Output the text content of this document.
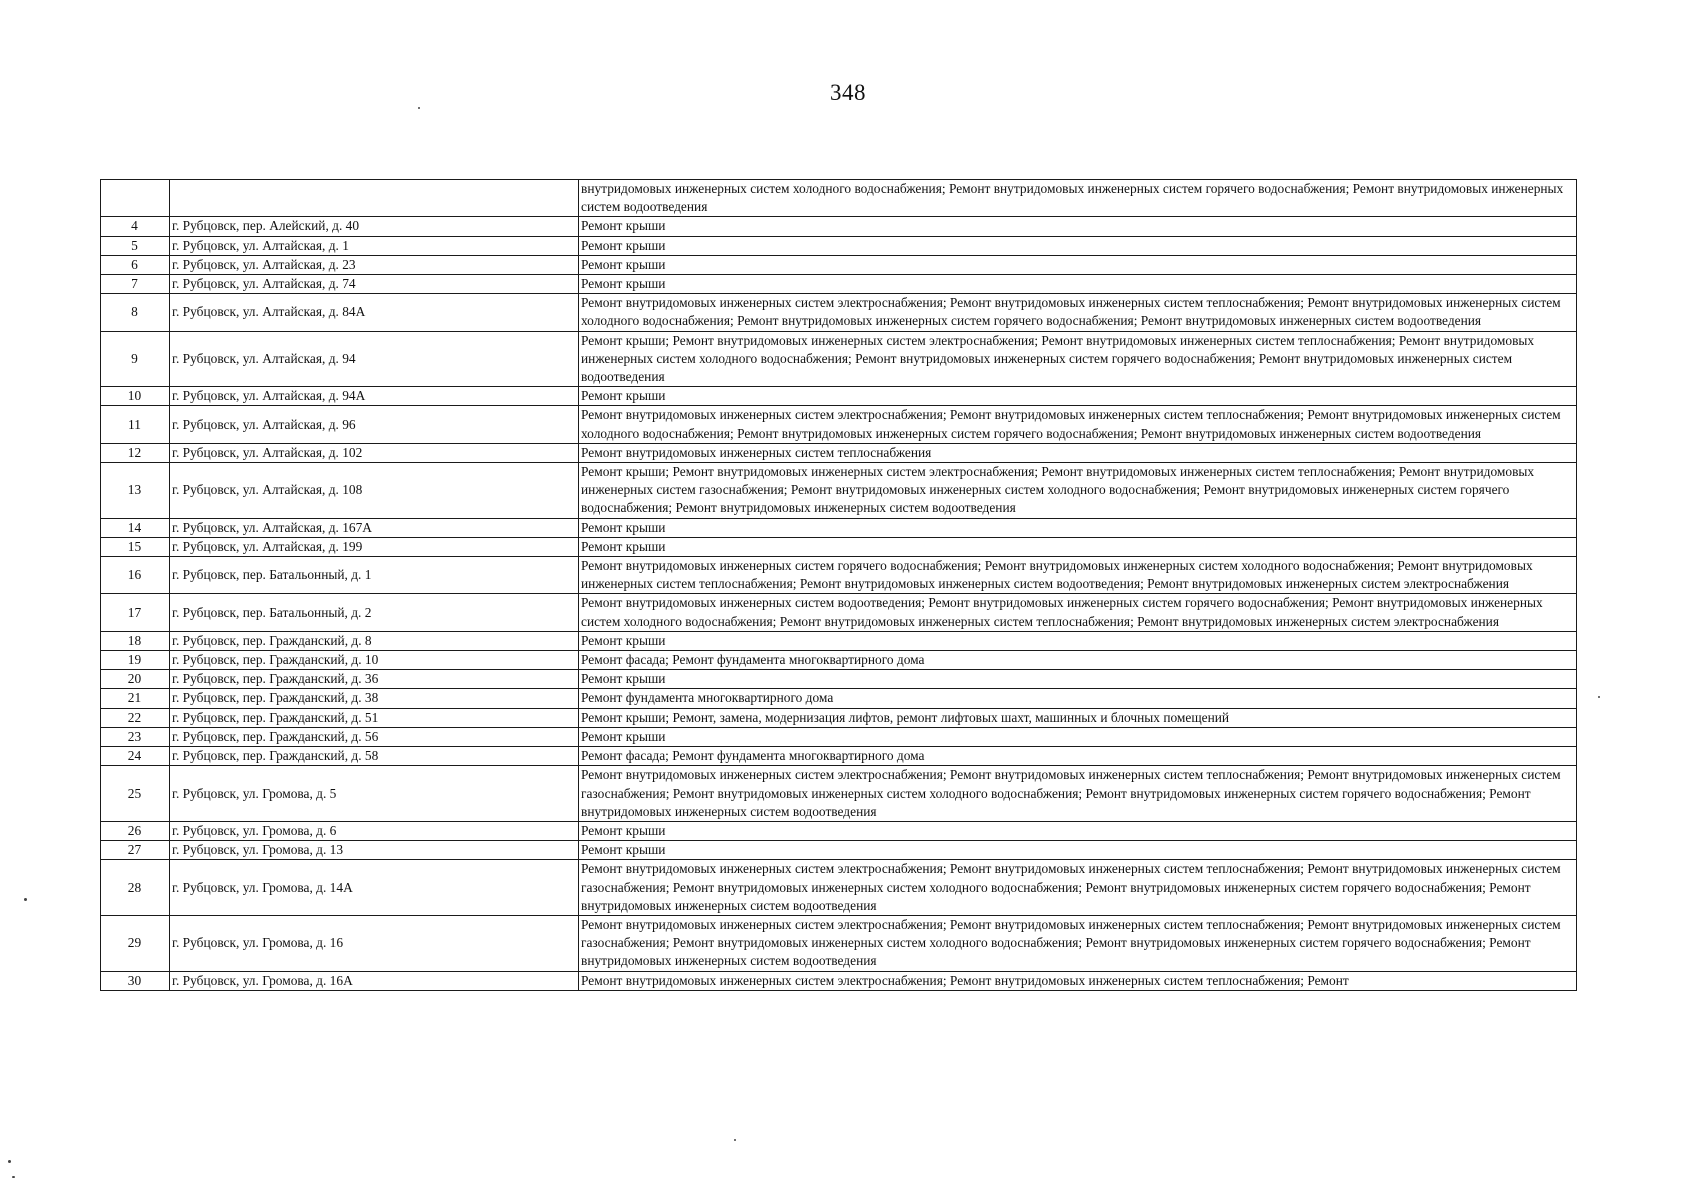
348
		внутридомовых инженерных систем холодного водоснабжения; Ремонт внутридомовых инженерных систем горячего водоснабжения; Ремонт внутридомовых инженерных систем водоотведения
4	г. Рубцовск, пер. Алейский, д. 40	Ремонт крыши
5	г. Рубцовск, ул. Алтайская, д. 1	Ремонт крыши
6	г. Рубцовск, ул. Алтайская, д. 23	Ремонт крыши
7	г. Рубцовск, ул. Алтайская, д. 74	Ремонт крыши
8	г. Рубцовск, ул. Алтайская, д. 84А	Ремонт внутридомовых инженерных систем электроснабжения; Ремонт внутридомовых инженерных систем теплоснабжения; Ремонт внутридомовых инженерных систем холодного водоснабжения; Ремонт внутридомовых инженерных систем горячего водоснабжения; Ремонт внутридомовых инженерных систем водоотведения
9	г. Рубцовск, ул. Алтайская, д. 94	Ремонт крыши; Ремонт внутридомовых инженерных систем электроснабжения; Ремонт внутридомовых инженерных систем теплоснабжения; Ремонт внутридомовых инженерных систем холодного водоснабжения; Ремонт внутридомовых инженерных систем горячего водоснабжения; Ремонт внутридомовых инженерных систем водоотведения
10	г. Рубцовск, ул. Алтайская, д. 94А	Ремонт крыши
11	г. Рубцовск, ул. Алтайская, д. 96	Ремонт внутридомовых инженерных систем электроснабжения; Ремонт внутридомовых инженерных систем теплоснабжения; Ремонт внутридомовых инженерных систем холодного водоснабжения; Ремонт внутридомовых инженерных систем горячего водоснабжения; Ремонт внутридомовых инженерных систем водоотведения
12	г. Рубцовск, ул. Алтайская, д. 102	Ремонт внутридомовых инженерных систем теплоснабжения
13	г. Рубцовск, ул. Алтайская, д. 108	Ремонт крыши; Ремонт внутридомовых инженерных систем электроснабжения; Ремонт внутридомовых инженерных систем теплоснабжения; Ремонт внутридомовых инженерных систем газоснабжения; Ремонт внутридомовых инженерных систем холодного водоснабжения; Ремонт внутридомовых инженерных систем горячего водоснабжения; Ремонт внутридомовых инженерных систем водоотведения
14	г. Рубцовск, ул. Алтайская, д. 167А	Ремонт крыши
15	г. Рубцовск, ул. Алтайская, д. 199	Ремонт крыши
16	г. Рубцовск, пер. Батальонный, д. 1	Ремонт внутридомовых инженерных систем горячего водоснабжения; Ремонт внутридомовых инженерных систем холодного водоснабжения; Ремонт внутридомовых инженерных систем теплоснабжения; Ремонт внутридомовых инженерных систем водоотведения; Ремонт внутридомовых инженерных систем электроснабжения
17	г. Рубцовск, пер. Батальонный, д. 2	Ремонт внутридомовых инженерных систем водоотведения; Ремонт внутридомовых инженерных систем горячего водоснабжения; Ремонт внутридомовых инженерных систем холодного водоснабжения; Ремонт внутридомовых инженерных систем теплоснабжения; Ремонт внутридомовых инженерных систем электроснабжения
18	г. Рубцовск, пер. Гражданский, д. 8	Ремонт крыши
19	г. Рубцовск, пер. Гражданский, д. 10	Ремонт фасада; Ремонт фундамента многоквартирного дома
20	г. Рубцовск, пер. Гражданский, д. 36	Ремонт крыши
21	г. Рубцовск, пер. Гражданский, д. 38	Ремонт фундамента многоквартирного дома
22	г. Рубцовск, пер. Гражданский, д. 51	Ремонт крыши; Ремонт, замена, модернизация лифтов, ремонт лифтовых шахт, машинных и блочных помещений
23	г. Рубцовск, пер. Гражданский, д. 56	Ремонт крыши
24	г. Рубцовск, пер. Гражданский, д. 58	Ремонт фасада; Ремонт фундамента многоквартирного дома
25	г. Рубцовск, ул. Громова, д. 5	Ремонт внутридомовых инженерных систем электроснабжения; Ремонт внутридомовых инженерных систем теплоснабжения; Ремонт внутридомовых инженерных систем газоснабжения; Ремонт внутридомовых инженерных систем холодного водоснабжения; Ремонт внутридомовых инженерных систем горячего водоснабжения; Ремонт внутридомовых инженерных систем водоотведения
26	г. Рубцовск, ул. Громова, д. 6	Ремонт крыши
27	г. Рубцовск, ул. Громова, д. 13	Ремонт крыши
28	г. Рубцовск, ул. Громова, д. 14А	Ремонт внутридомовых инженерных систем электроснабжения; Ремонт внутридомовых инженерных систем теплоснабжения; Ремонт внутридомовых инженерных систем газоснабжения; Ремонт внутридомовых инженерных систем холодного водоснабжения; Ремонт внутридомовых инженерных систем горячего водоснабжения; Ремонт внутридомовых инженерных систем водоотведения
29	г. Рубцовск, ул. Громова, д. 16	Ремонт внутридомовых инженерных систем электроснабжения; Ремонт внутридомовых инженерных систем теплоснабжения; Ремонт внутридомовых инженерных систем газоснабжения; Ремонт внутридомовых инженерных систем холодного водоснабжения; Ремонт внутридомовых инженерных систем горячего водоснабжения; Ремонт внутридомовых инженерных систем водоотведения
30	г. Рубцовск, ул. Громова, д. 16А	Ремонт внутридомовых инженерных систем электроснабжения; Ремонт внутридомовых инженерных систем теплоснабжения; Ремонт
